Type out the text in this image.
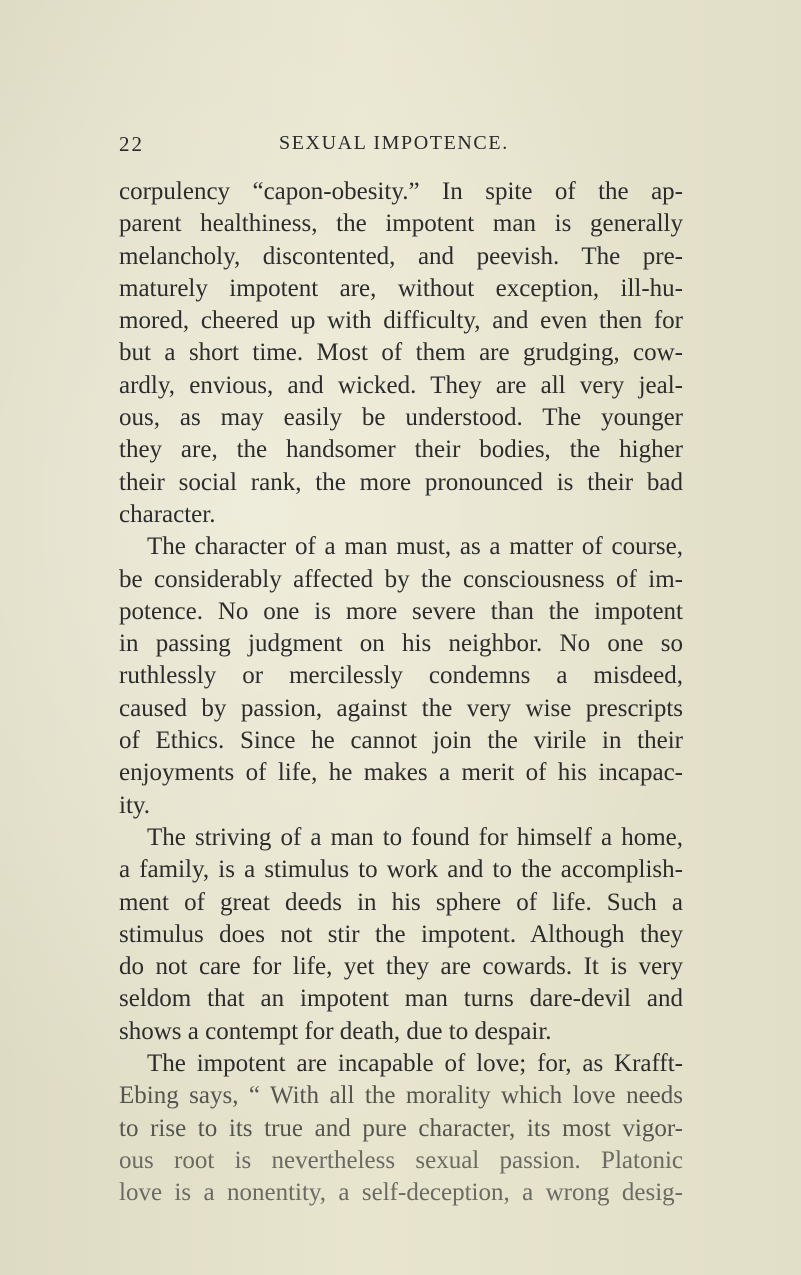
22	SEXUAL IMPOTENCE.
corpulency “capon-obesity.” In spite of the ap-
parent healthiness, the impotent man is generally
melancholy, discontented, and peevish. The pre-
maturely impotent are, without exception, ill-hu-
mored, cheered up with difficulty, and even then for
but a short time. Most of them are grudging, cow-
ardly, envious, and wicked. They are all very jeal-
ous, as may easily be understood. The younger
they are, the handsomer their bodies, the higher
their social rank, the more pronounced is their bad
character.
The character of a man must, as a matter of course,
be considerably affected by the consciousness of im-
potence. No one is more severe than the impotent
in passing judgment on his neighbor. No one so
ruthlessly or mercilessly condemns a misdeed,
caused by passion, against the very wise prescripts
of Ethics. Since he cannot join the virile in their
enjoyments of life, he makes a merit of his incapac-
ity.
The striving of a man to found for himself a home,
a family, is a stimulus to work and to the accomplish-
ment of great deeds in his sphere of life. Such a
stimulus does not stir the impotent. Although they
do not care for life, yet they are cowards. It is very
seldom that an impotent man turns dare-devil and
shows a contempt for death, due to despair.
The impotent are incapable of love; for, as Krafft-
Ebing says, “ With all the morality which love needs
to rise to its true and pure character, its most vigor-
ous root is nevertheless sexual passion. Platonic
love is a nonentity, a self-deception, a wrong desig-
